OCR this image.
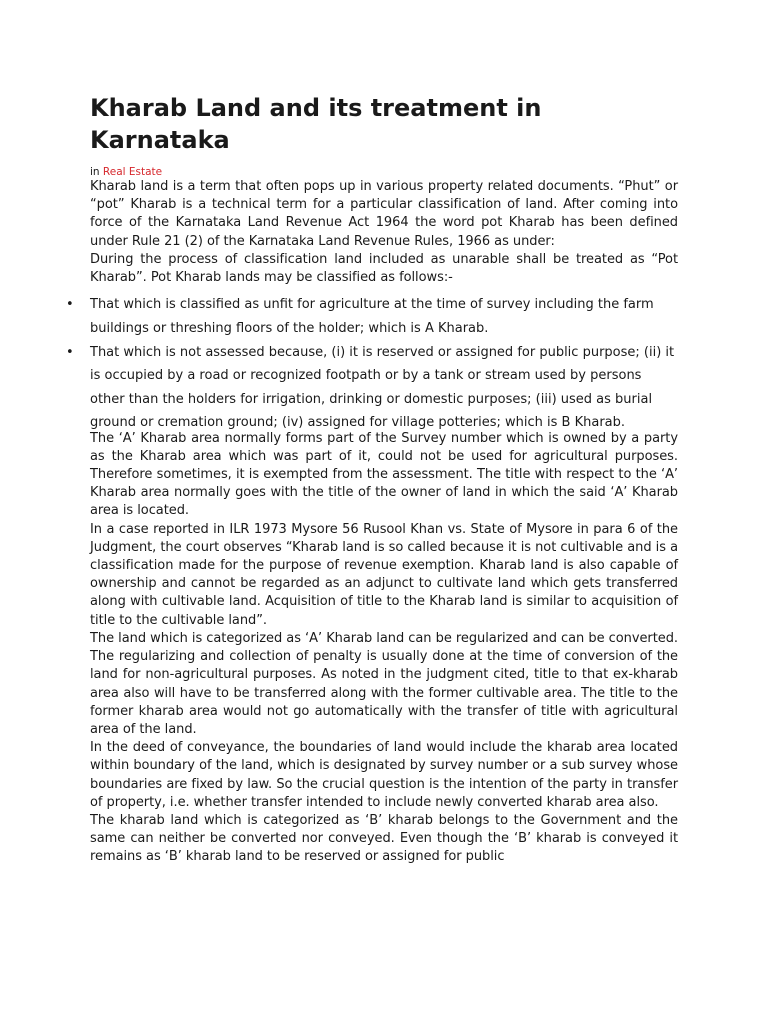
Kharab Land and its treatment in Karnataka
in Real Estate

Kharab land is a term that often pops up in various property related documents. “Phut” or “pot” Kharab is a technical term for a particular classification of land. After coming into force of the Karnataka Land Revenue Act 1964 the word pot Kharab has been defined under Rule 21 (2) of the Karnataka Land Revenue Rules, 1966 as under:

During the process of classification land included as unarable shall be treated as “Pot Kharab”. Pot Kharab lands may be classified as follows:-

• That which is classified as unfit for agriculture at the time of survey including the farm buildings or threshing floors of the holder; which is A Kharab.
• That which is not assessed because, (i) it is reserved or assigned for public purpose; (ii) it is occupied by a road or recognized footpath or by a tank or stream used by persons other than the holders for irrigation, drinking or domestic purposes; (iii) used as burial ground or cremation ground; (iv) assigned for village potteries; which is B Kharab.

The ‘A’ Kharab area normally forms part of the Survey number which is owned by a party as the Kharab area which was part of it, could not be used for agricultural purposes. Therefore sometimes, it is exempted from the assessment. The title with respect to the ‘A’ Kharab area normally goes with the title of the owner of land in which the said ‘A’ Kharab area is located.

In a case reported in ILR 1973 Mysore 56 Rusool Khan vs. State of Mysore in para 6 of the Judgment, the court observes “Kharab land is so called because it is not cultivable and is a classification made for the purpose of revenue exemption. Kharab land is also capable of ownership and cannot be regarded as an adjunct to cultivate land which gets transferred along with cultivable land. Acquisition of title to the Kharab land is similar to acquisition of title to the cultivable land”.

The land which is categorized as ‘A’ Kharab land can be regularized and can be converted. The regularizing and collection of penalty is usually done at the time of conversion of the land for non-agricultural purposes. As noted in the judgment cited, title to that ex-kharab area also will have to be transferred along with the former cultivable area. The title to the former kharab area would not go automatically with the transfer of title with agricultural area of the land.

In the deed of conveyance, the boundaries of land would include the kharab area located within boundary of the land, which is designated by survey number or a sub survey whose boundaries are fixed by law. So the crucial question is the intention of the party in transfer of property, i.e. whether transfer intended to include newly converted kharab area also.

The kharab land which is categorized as ‘B’ kharab belongs to the Government and the same can neither be converted nor conveyed. Even though the ‘B’ kharab is conveyed it remains as ‘B’ kharab land to be reserved or assigned for public
